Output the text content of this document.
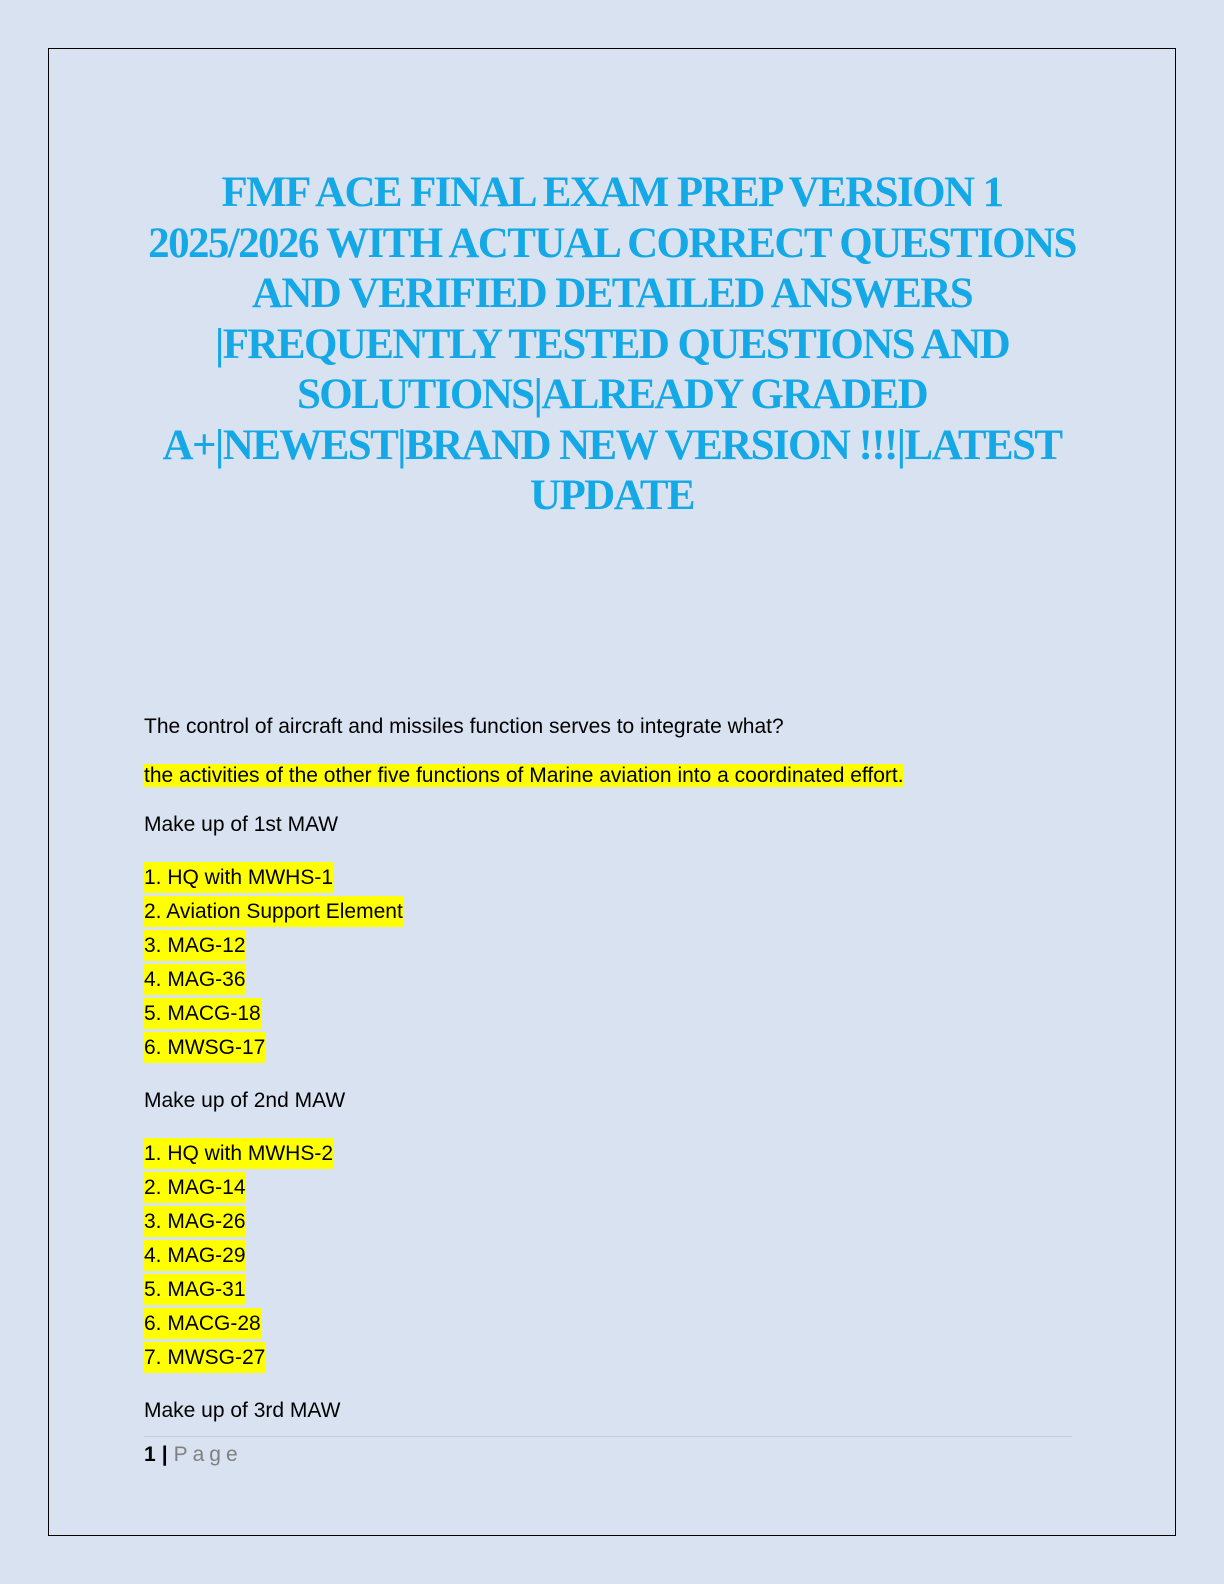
FMF ACE FINAL EXAM PREP VERSION 1 2025/2026 WITH ACTUAL CORRECT QUESTIONS AND VERIFIED DETAILED ANSWERS |FREQUENTLY TESTED QUESTIONS AND SOLUTIONS|ALREADY GRADED A+|NEWEST|BRAND NEW VERSION !!!|LATEST UPDATE

The control of aircraft and missiles function serves to integrate what?

the activities of the other five functions of Marine aviation into a coordinated effort.

Make up of 1st MAW

1. HQ with MWHS-1
2. Aviation Support Element
3. MAG-12
4. MAG-36
5. MACG-18
6. MWSG-17

Make up of 2nd MAW

1. HQ with MWHS-2
2. MAG-14
3. MAG-26
4. MAG-29
5. MAG-31
6. MACG-28
7. MWSG-27

Make up of 3rd MAW

1 | Page
